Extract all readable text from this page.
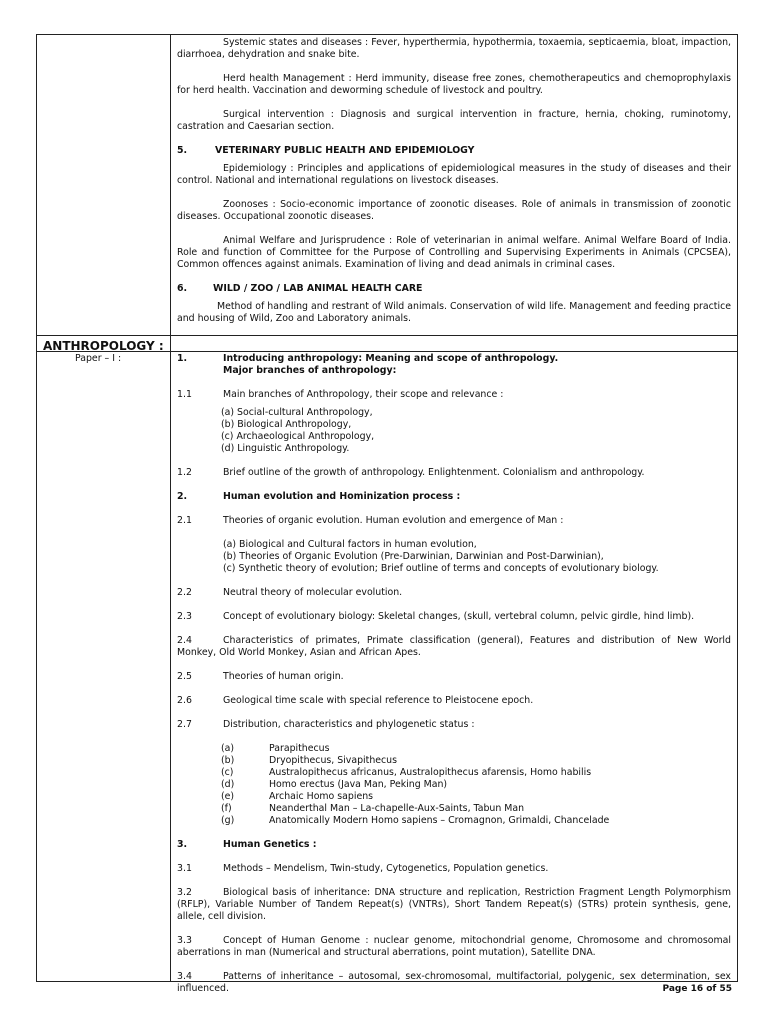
Systemic states and diseases : Fever, hyperthermia, hypothermia, toxaemia, septicaemia, bloat, impaction, diarrhoea, dehydration and snake bite.

Herd health Management : Herd immunity, disease free zones, chemotherapeutics and chemoprophylaxis for herd health. Vaccination and deworming schedule of livestock and poultry.

Surgical intervention : Diagnosis and surgical intervention in fracture, hernia, choking, ruminotomy, castration and Caesarian section.

5.	VETERINARY PUBLIC HEALTH AND EPIDEMIOLOGY

Epidemiology : Principles and applications of epidemiological measures in the study of diseases and their control. National and international regulations on livestock diseases.

Zoonoses : Socio-economic importance of zoonotic diseases. Role of animals in transmission of zoonotic diseases. Occupational zoonotic diseases.

Animal Welfare and Jurisprudence : Role of veterinarian in animal welfare. Animal Welfare Board of India. Role and function of Committee for the Purpose of Controlling and Supervising Experiments in Animals (CPCSEA), Common offences against animals. Examination of living and dead animals in criminal cases.

6.	WILD / ZOO / LAB ANIMAL HEALTH CARE

Method of handling and restrant of Wild animals. Conservation of wild life. Management and feeding practice and housing of Wild, Zoo and Laboratory animals.

ANTHROPOLOGY :
Paper – I :	1.	Introducing anthropology: Meaning and scope of anthropology.
Major branches of anthropology:
1.1	Main branches of Anthropology, their scope and relevance :

(a) Social-cultural Anthropology,

(b) Biological Anthropology,

(c) Archaeological Anthropology,

(d) Linguistic Anthropology.

1.2	Brief outline of the growth of anthropology. Enlightenment. Colonialism and anthropology.
2.	Human evolution and Hominization process :
2.1	Theories of organic evolution. Human evolution and emergence of Man :

(a) Biological and Cultural factors in human evolution,

(b) Theories of Organic Evolution (Pre-Darwinian, Darwinian and Post-Darwinian),

(c) Synthetic theory of evolution; Brief outline of terms and concepts of evolutionary biology.

2.2	Neutral theory of molecular evolution.
2.3	Concept of evolutionary biology: Skeletal changes, (skull, vertebral column, pelvic girdle, hind limb).

2.4	Characteristics of primates, Primate classification (general), Features and distribution of New World Monkey, Old World Monkey, Asian and African Apes.

2.5	Theories of human origin.
2.6	Geological time scale with special reference to Pleistocene epoch.
2.7	Distribution, characteristics and phylogenetic status :
(a)	Parapithecus
(b)	Dryopithecus, Sivapithecus
(c)	Australopithecus africanus, Australopithecus afarensis, Homo habilis
(d)	Homo erectus (Java Man, Peking Man)
(e)	Archaic Homo sapiens
(f)	Neanderthal Man – La-chapelle-Aux-Saints, Tabun Man
(g)	Anatomically Modern Homo sapiens – Cromagnon, Grimaldi, Chancelade
3.	Human Genetics :
3.1	Methods – Mendelism, Twin-study, Cytogenetics, Population genetics.

3.2	Biological basis of inheritance: DNA structure and replication, Restriction Fragment Length Polymorphism (RFLP), Variable Number of Tandem Repeat(s) (VNTRs), Short Tandem Repeat(s) (STRs) protein synthesis, gene, allele, cell division.

3.3	Concept of Human Genome : nuclear genome, mitochondrial genome, Chromosome and chromosomal aberrations in man (Numerical and structural aberrations, point mutation), Satellite DNA.

3.4	Patterns of inheritance – autosomal, sex-chromosomal, multifactorial, polygenic, sex determination, sex influenced.	Page 16 of 55
